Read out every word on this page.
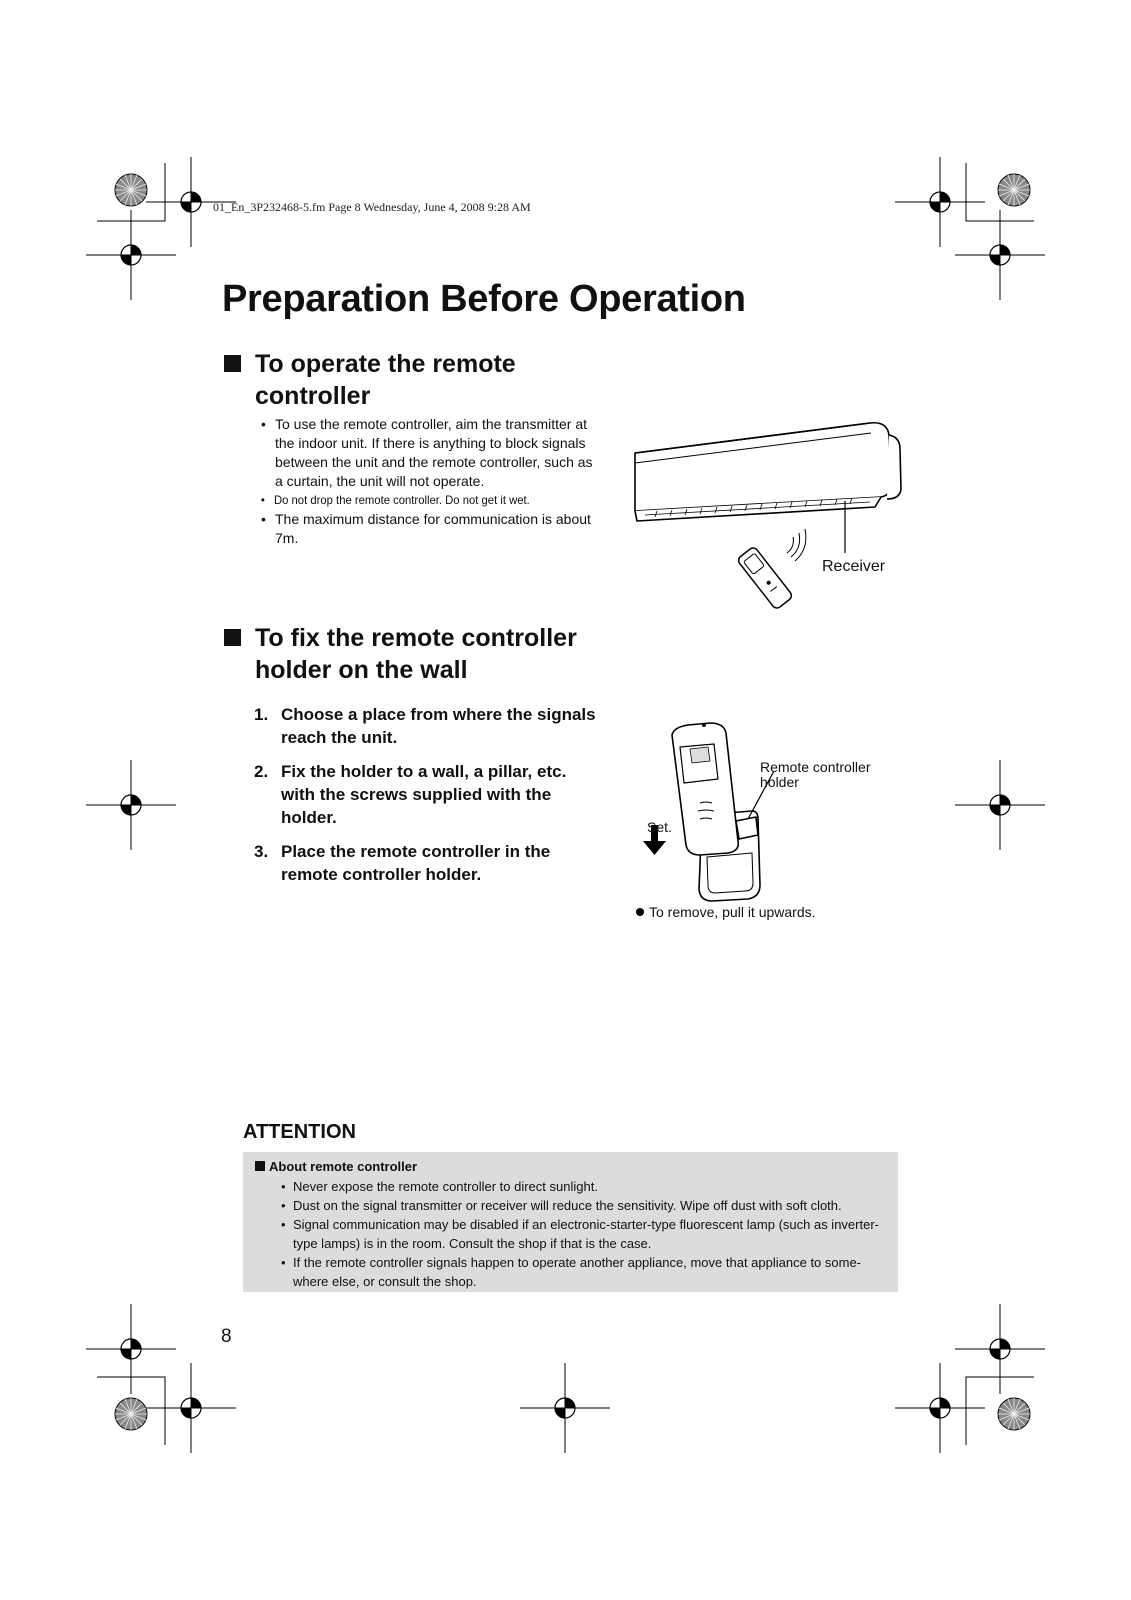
01_En_3P232468-5.fm Page 8 Wednesday, June 4, 2008 9:28 AM
Preparation Before Operation
To operate the remote
controller
• To use the remote controller, aim the transmitter at the indoor unit. If there is anything to block signals between the unit and the remote controller, such as a curtain, the unit will not operate.
• Do not drop the remote controller. Do not get it wet.
• The maximum distance for communication is about 7m.
Receiver
To fix the remote controller
holder on the wall
1. Choose a place from where the signals reach the unit.
2. Fix the holder to a wall, a pillar, etc. with the screws supplied with the holder.
3. Place the remote controller in the remote controller holder.
Remote controller
holder
Set.
To remove, pull it upwards.
ATTENTION
About remote controller
• Never expose the remote controller to direct sunlight.
• Dust on the signal transmitter or receiver will reduce the sensitivity. Wipe off dust with soft cloth.
• Signal communication may be disabled if an electronic-starter-type fluorescent lamp (such as inverter-type lamps) is in the room. Consult the shop if that is the case.
• If the remote controller signals happen to operate another appliance, move that appliance to some-where else, or consult the shop.
8
